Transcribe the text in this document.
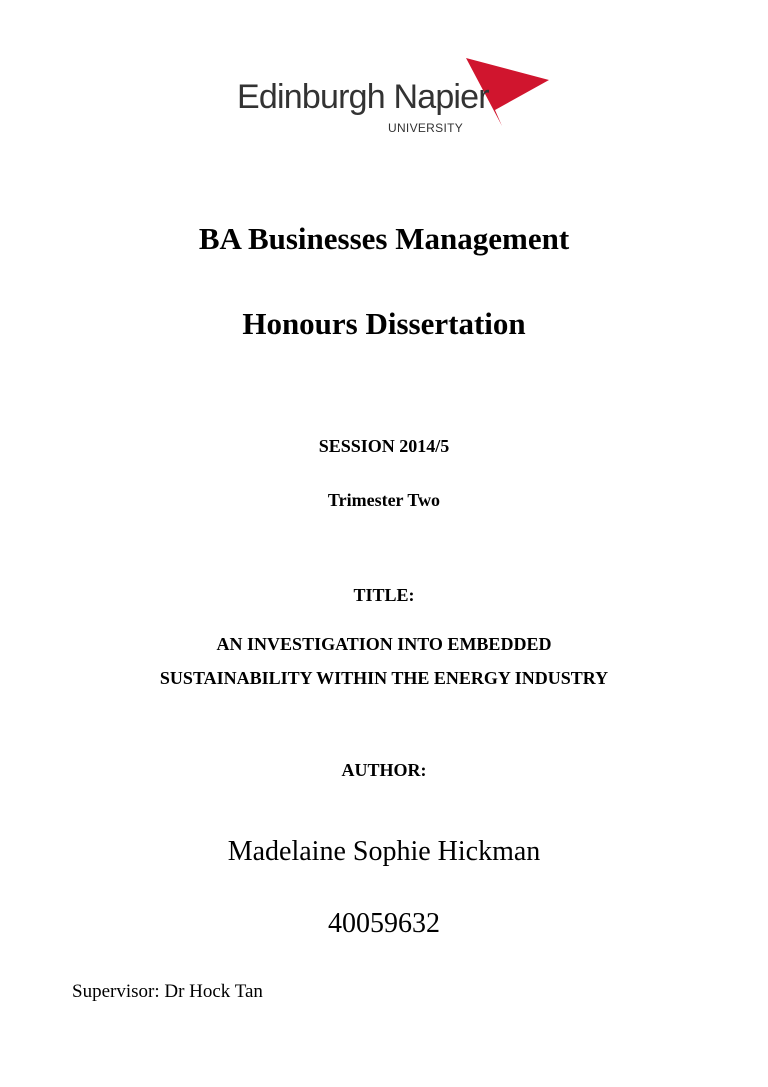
Edinburgh Napier
UNIVERSITY
BA Businesses Management
Honours Dissertation
SESSION 2014/5
Trimester Two
TITLE:
AN INVESTIGATION INTO EMBEDDED
SUSTAINABILITY WITHIN THE ENERGY INDUSTRY
AUTHOR:
Madelaine Sophie Hickman
40059632
Supervisor: Dr Hock Tan
